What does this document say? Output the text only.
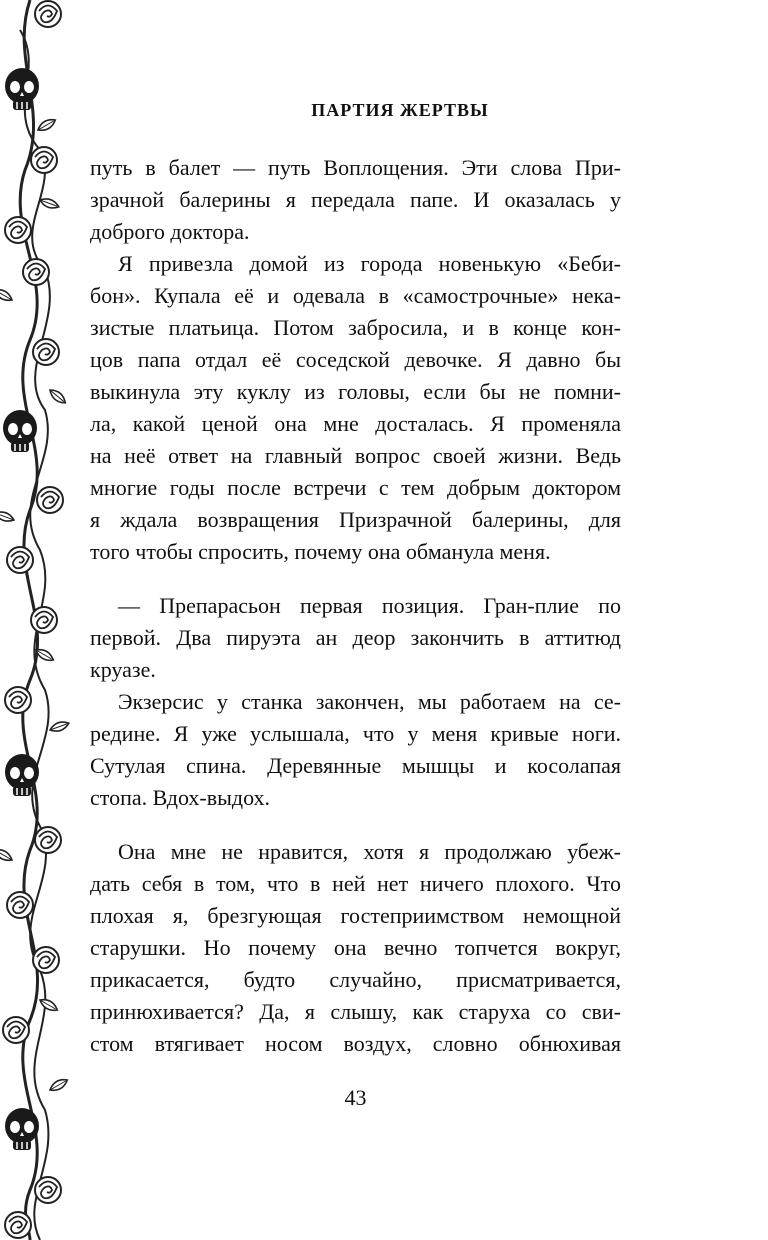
ПАРТИЯ ЖЕРТВЫ

путь в балет — путь Воплощения. Эти слова При-
зрачной балерины я передала папе. И оказалась у
доброго доктора.

Я привезла домой из города новенькую «Беби-
бон». Купала её и одевала в «самострочные» нека-
зистые платьица. Потом забросила, и в конце кон-
цов папа отдал её соседской девочке. Я давно бы
выкинула эту куклу из головы, если бы не помни-
ла, какой ценой она мне досталась. Я променяла
на неё ответ на главный вопрос своей жизни. Ведь
многие годы после встречи с тем добрым доктором
я ждала возвращения Призрачной балерины, для
того чтобы спросить, почему она обманула меня.

— Препарасьон первая позиция. Гран-плие по
первой. Два пируэта ан деор закончить в аттитюд
круазе.

Экзерсис у станка закончен, мы работаем на се-
редине. Я уже услышала, что у меня кривые ноги.
Сутулая спина. Деревянные мышцы и косолапая
стопа. Вдох-выдох.

Она мне не нравится, хотя я продолжаю убеж-
дать себя в том, что в ней нет ничего плохого. Что
плохая я, брезгующая гостеприимством немощной
старушки. Но почему она вечно топчется вокруг,
прикасается, будто случайно, присматривается,
принюхивается? Да, я слышу, как старуха со сви-
стом втягивает носом воздух, словно обнюхивая

43
